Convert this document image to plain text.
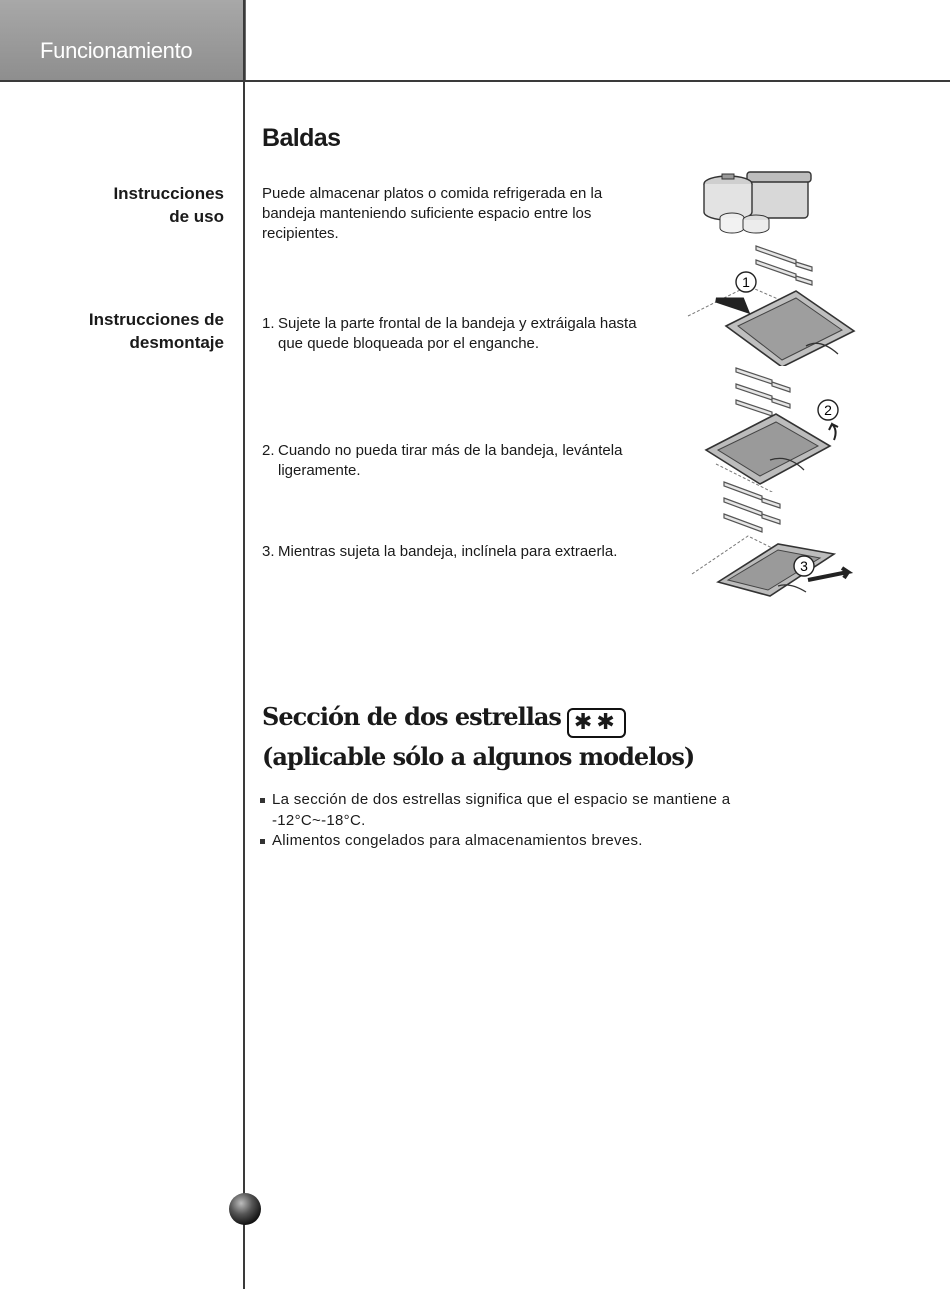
Funcionamiento
Baldas
Instrucciones
de uso

Puede almacenar platos o comida refrigerada en la bandeja manteniendo suficiente espacio entre los recipientes.

Instrucciones de
desmontaje
1. Sujete la parte frontal de la bandeja y extráigala hasta que quede bloqueada por el enganche.
2. Cuando no pueda tirar más de la bandeja, levántela ligeramente.
3. Mientras sujeta la bandeja, inclínela para extraerla.
1
2
3
Sección de dos estrellas ✱✱
(aplicable sólo a algunos modelos)
La sección de dos estrellas significa que el espacio se mantiene a -12°C~-18°C.
Alimentos congelados para almacenamientos breves.
